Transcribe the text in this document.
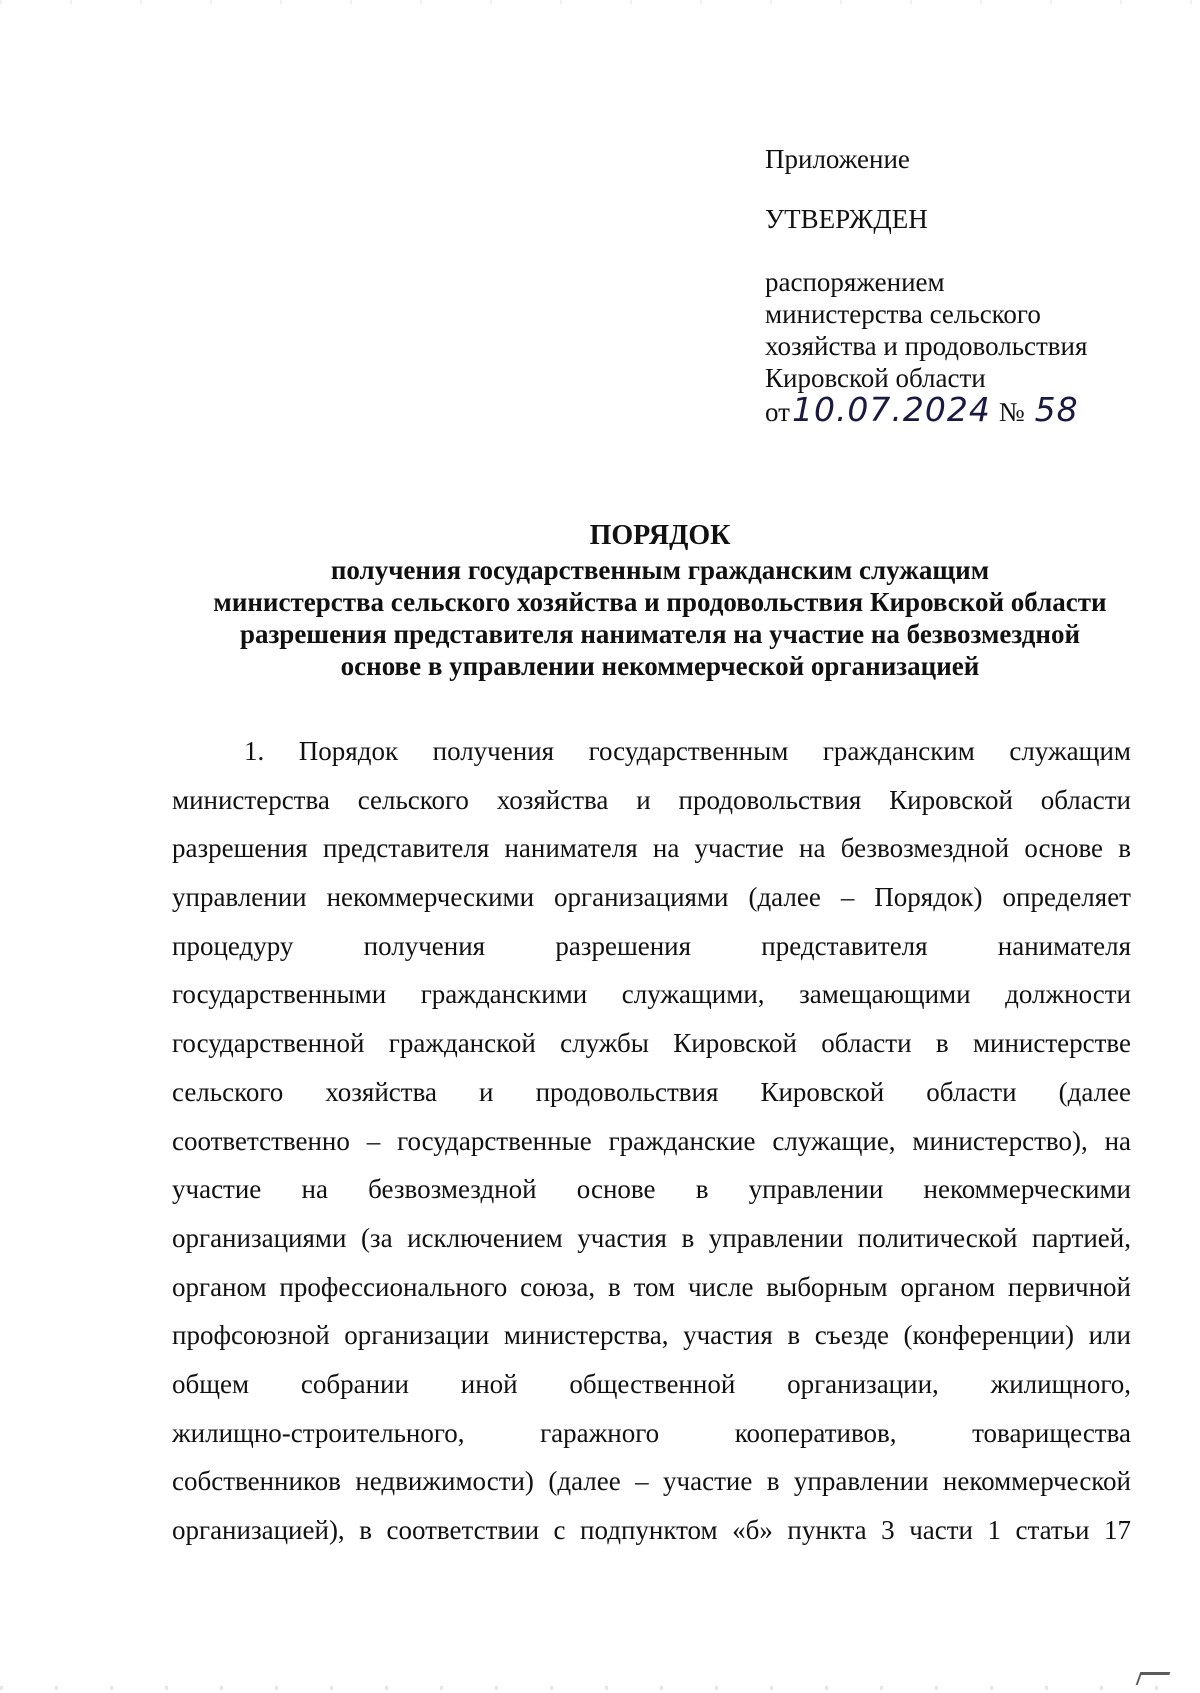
Приложение

УТВЕРЖДЕН

распоряжением

министерства сельского

хозяйства и продовольствия

Кировской области

от10.07.2024 № 58

ПОРЯДОК
получения государственным гражданским служащим
министерства сельского хозяйства и продовольствия Кировской области
разрешения представителя нанимателя на участие на безвозмездной
основе в управлении некоммерческой организацией
1. Порядок получения государственным гражданским служащим
министерства сельского хозяйства и продовольствия Кировской области
разрешения представителя нанимателя на участие на безвозмездной основе в
управлении некоммерческими организациями (далее – Порядок) определяет
процедуру получения разрешения представителя нанимателя
государственными гражданскими служащими, замещающими должности
государственной гражданской службы Кировской области в министерстве
сельского хозяйства и продовольствия Кировской области (далее
соответственно – государственные гражданские служащие, министерство), на
участие на безвозмездной основе в управлении некоммерческими
организациями (за исключением участия в управлении политической партией,
органом профессионального союза, в том числе выборным органом первичной
профсоюзной организации министерства, участия в съезде (конференции) или
общем собрании иной общественной организации, жилищного,
жилищно-строительного, гаражного кооперативов, товарищества
собственников недвижимости) (далее – участие в управлении некоммерческой
организацией), в соответствии с подпунктом «б» пункта 3 части 1 статьи 17
